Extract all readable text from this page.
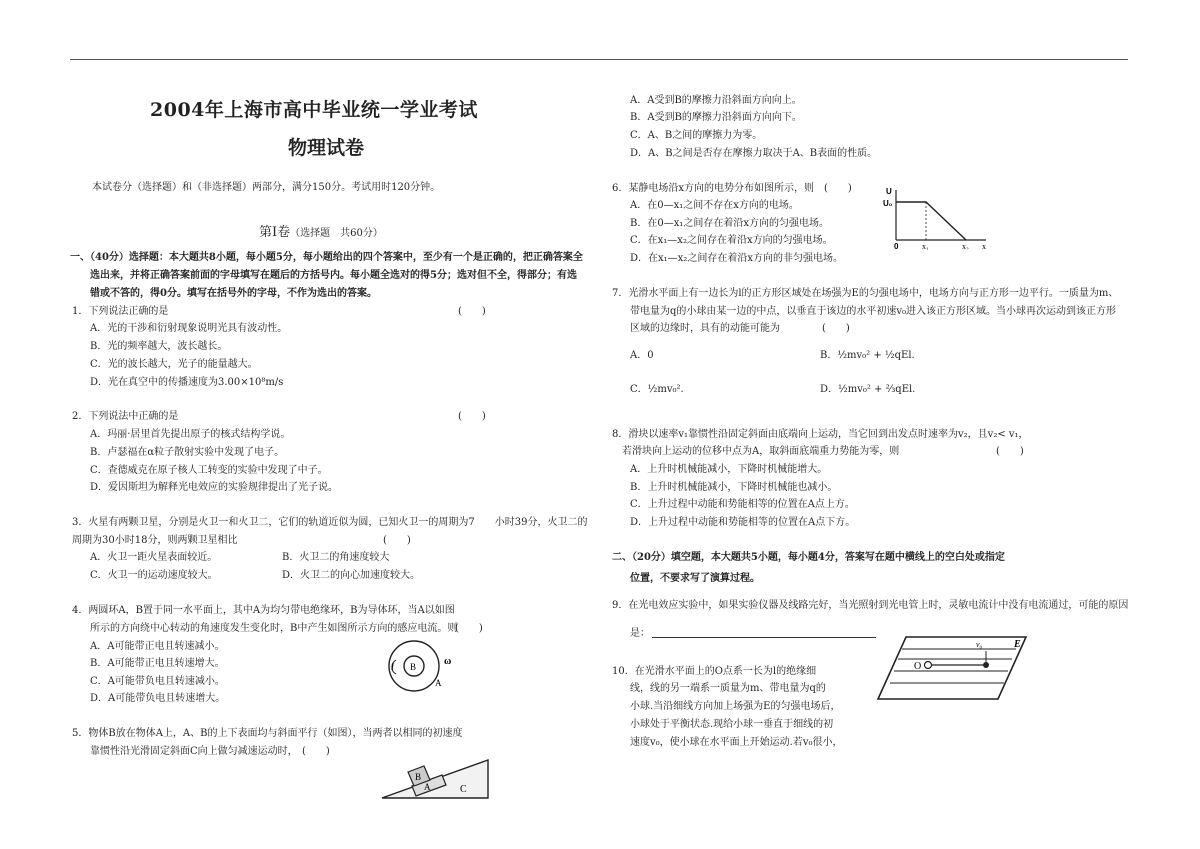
2004年上海市高中毕业统一学业考试
物理试卷
本试卷分（选择题）和（非选择题）两部分，满分150分。考试用时120分钟。
第Ⅰ卷（选择题　共60分）
一、（40分）选择题：本大题共8小题，每小题5分，每小题给出的四个答案中，至少有一个是正确的，把正确答案全
选出来，并将正确答案前面的字母填写在题后的方括号内。每小题全选对的得5分；选对但不全，得部分；有选
错或不答的，得0分。填写在括号外的字母，不作为选出的答案。
1．下列说法正确的是	(　　)
A．光的干涉和衍射现象说明光具有波动性。
B．光的频率越大，波长越长。
C．光的波长越大，光子的能量越大。
D．光在真空中的传播速度为3.00×10⁸m/s
2．下列说法中正确的是	(　　)
A．玛丽·居里首先提出原子的核式结构学说。
B．卢瑟福在α粒子散射实验中发现了电子。
C．查德威克在原子核人工转变的实验中发现了中子。
D．爱因斯坦为解释光电效应的实验规律提出了光子说。
3．火星有两颗卫星，分别是火卫一和火卫二，它们的轨道近似为圆，已知火卫一的周期为7　　小时39分，火卫二的
周期为30小时18分，则两颗卫星相比	(　　)
A．火卫一距火星表面较近。	B．火卫二的角速度较大
C．火卫一的运动速度较大。	D．火卫二的向心加速度较大。
4．两圆环A，B置于同一水平面上，其中A为均匀带电绝缘环，B为导体环，当A以如图
所示的方向绕中心转动的角速度发生变化时，B中产生如图所示方向的感应电流。则
(　　)
A．A可能带正电且转速减小。
B．A可能带正电且转速增大。
C．A可能带负电且转速减小。
D．A可能带负电且转速增大。
I B
A
ω
5．物体B放在物体A上，A、B的上下表面均与斜面平行（如图），当两者以相同的初速度
靠惯性沿光滑固定斜面C向上做匀减速运动时， (　　)
A
B
C
A．A受到B的摩擦力沿斜面方向向上。
B．A受到B的摩擦力沿斜面方向向下。
C．A、B之间的摩擦力为零。
D．A、B之间是否存在摩擦力取决于A、B表面的性质。
6．某静电场沿x方向的电势分布如图所示，则 (　　)
A．在0—x₁之间不存在x方向的电场。
B．在0—x₁之间存在着沿x方向的匀强电场。
C．在x₁—x₂之间存在着沿x方向的匀强电场。
D．在x₁—x₂之间存在着沿x方向的非匀强电场。
U
U₀
0	x₁	x₂ x
7．光滑水平面上有一边长为l的正方形区域处在场强为E的匀强电场中，电场方向与正方形一边平行。一质量为m、
带电量为q的小球由某一边的中点，以垂直于该边的水平初速v₀进入该正方形区域。当小球再次运动到该正方形
区域的边缘时，具有的动能可能为	(　　)
A．0	B．½mv₀² + ½qEl.
C．½mv₀².	D．½mv₀² + ⅔qEl.
8．滑块以速率v₁靠惯性沿固定斜面由底端向上运动，当它回到出发点时速率为v₂，且v₂< v₁，
若滑块向上运动的位移中点为A，取斜面底端重力势能为零，则	(　　)
A．上升时机械能减小，下降时机械能增大。
B．上升时机械能减小，下降时机械能也减小。
C．上升过程中动能和势能相等的位置在A点上方。
D．上升过程中动能和势能相等的位置在A点下方。
二、（20分）填空题，本大题共5小题，每小题4分，答案写在题中横线上的空白处或指定
位置，不要求写了演算过程。
9．在光电效应实验中，如果实验仪器及线路完好，当光照射到光电管上时，灵敏电流计中没有电流通过，可能的原因
是：
10．在光滑水平面上的O点系一长为l的绝缘细
线，线的另一端系一质量为m、带电量为q的
小球.当沿细线方向加上场强为E的匀强电场后，
小球处于平衡状态.现给小球一垂直于细线的初
速度v₀，使小球在水平面上开始运动.若v₀很小，
O
v₀	E
